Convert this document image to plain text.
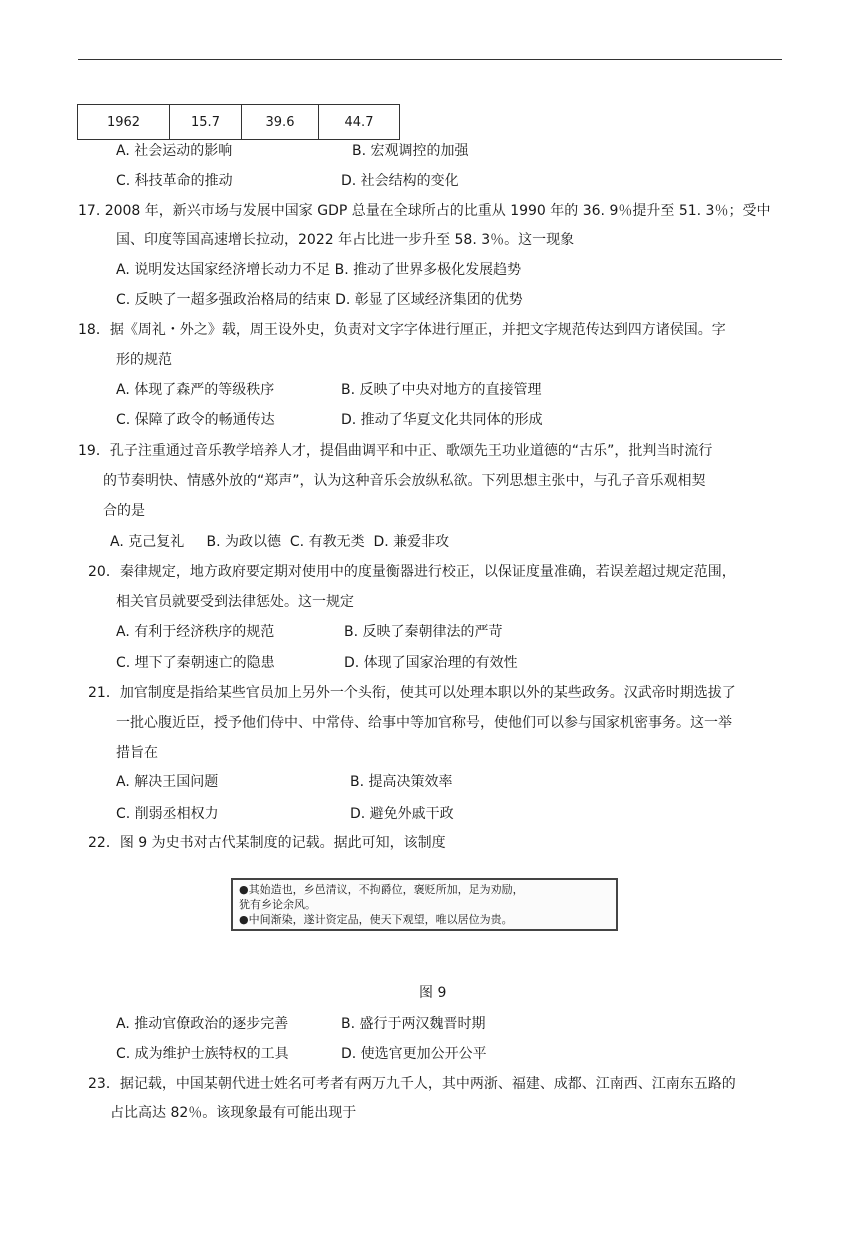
1962	15.7	39.6	44.7
A. 社会运动的影响	B. 宏观调控的加强
C. 科技革命的推动	D. 社会结构的变化
17. 2008 年，新兴市场与发展中国家 GDP 总量在全球所占的比重从 1990 年的 36. 9％提升至 51. 3％；受中
国、印度等国高速增长拉动，2022 年占比进一步升至 58. 3％。这一现象
A. 说明发达国家经济增长动力不足 B. 推动了世界多极化发展趋势
C. 反映了一超多强政治格局的结束 D. 彰显了区域经济集团的优势
18．据《周礼・外之》载，周王设外史，负责对文字字体进行厘正，并把文字规范传达到四方诸侯国。字
形的规范
A. 体现了森严的等级秩序	B. 反映了中央对地方的直接管理
C. 保障了政令的畅通传达	D. 推动了华夏文化共同体的形成
19．孔子注重通过音乐教学培养人才，提倡曲调平和中正、歌颂先王功业道德的“古乐”，批判当时流行
的节奏明快、情感外放的“郑声”，认为这种音乐会放纵私欲。下列思想主张中，与孔子音乐观相契
合的是
A. 克己复礼     B. 为政以德  C. 有教无类  D. 兼爱非攻
20．秦律规定，地方政府要定期对使用中的度量衡器进行校正，以保证度量准确，若误差超过规定范围，
相关官员就要受到法律惩处。这一规定
A. 有利于经济秩序的规范	B. 反映了秦朝律法的严苛
C. 埋下了秦朝速亡的隐患	D. 体现了国家治理的有效性
21．加官制度是指给某些官员加上另外一个头衔，使其可以处理本职以外的某些政务。汉武帝时期选拔了
一批心腹近臣，授予他们侍中、中常侍、给事中等加官称号，使他们可以参与国家机密事务。这一举
措旨在
A. 解决王国问题	B. 提高决策效率
C. 削弱丞相权力	D. 避免外戚干政
22．图 9 为史书对古代某制度的记载。据此可知，该制度
●其始造也，乡邑清议，不拘爵位，褒贬所加，足为劝励，
犹有乡论余风。
●中间渐染，遂计资定品，使天下观望，唯以居位为贵。
图 9
A. 推动官僚政治的逐步完善	B. 盛行于两汉魏晋时期
C. 成为维护士族特权的工具	D. 使选官更加公开公平
23．据记载，中国某朝代进士姓名可考者有两万九千人，其中两浙、福建、成都、江南西、江南东五路的
占比高达 82％。该现象最有可能出现于
